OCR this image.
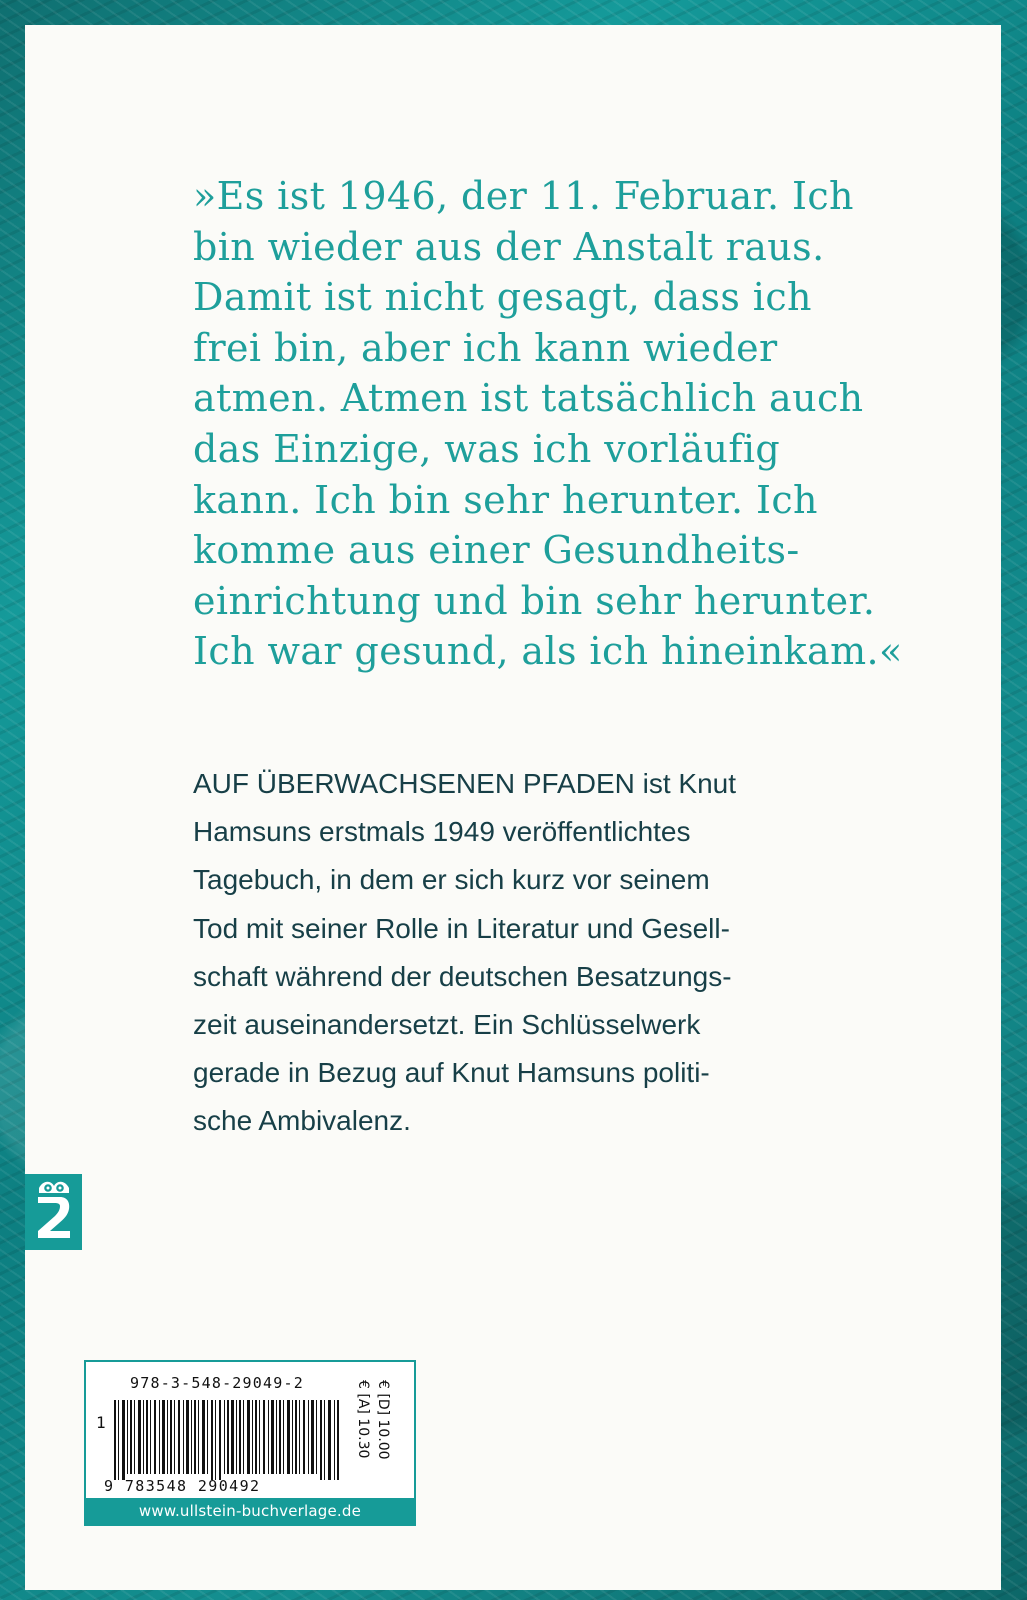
»Es ist 1946, der 11. Februar. Ich
bin wieder aus der Anstalt raus.
Damit ist nicht gesagt, dass ich
frei bin, aber ich kann wieder
atmen. Atmen ist tatsächlich auch
das Einzige, was ich vorläufig
kann. Ich bin sehr herunter. Ich
komme aus einer Gesundheits-
einrichtung und bin sehr herunter.
Ich war gesund, als ich hineinkam.«
AUF ÜBERWACHSENEN PFADEN ist Knut
Hamsuns erstmals 1949 veröffentlichtes
Tagebuch, in dem er sich kurz vor seinem
Tod mit seiner Rolle in Literatur und Gesell-
schaft während der deutschen Besatzungs-
zeit auseinandersetzt. Ein Schlüsselwerk
gerade in Bezug auf Knut Hamsuns politi-
sche Ambivalenz.
978-3-548-29049-2
1
9 783548 290492
€ [D] 10.00
€ [A] 10.30
www.ullstein-buchverlage.de
